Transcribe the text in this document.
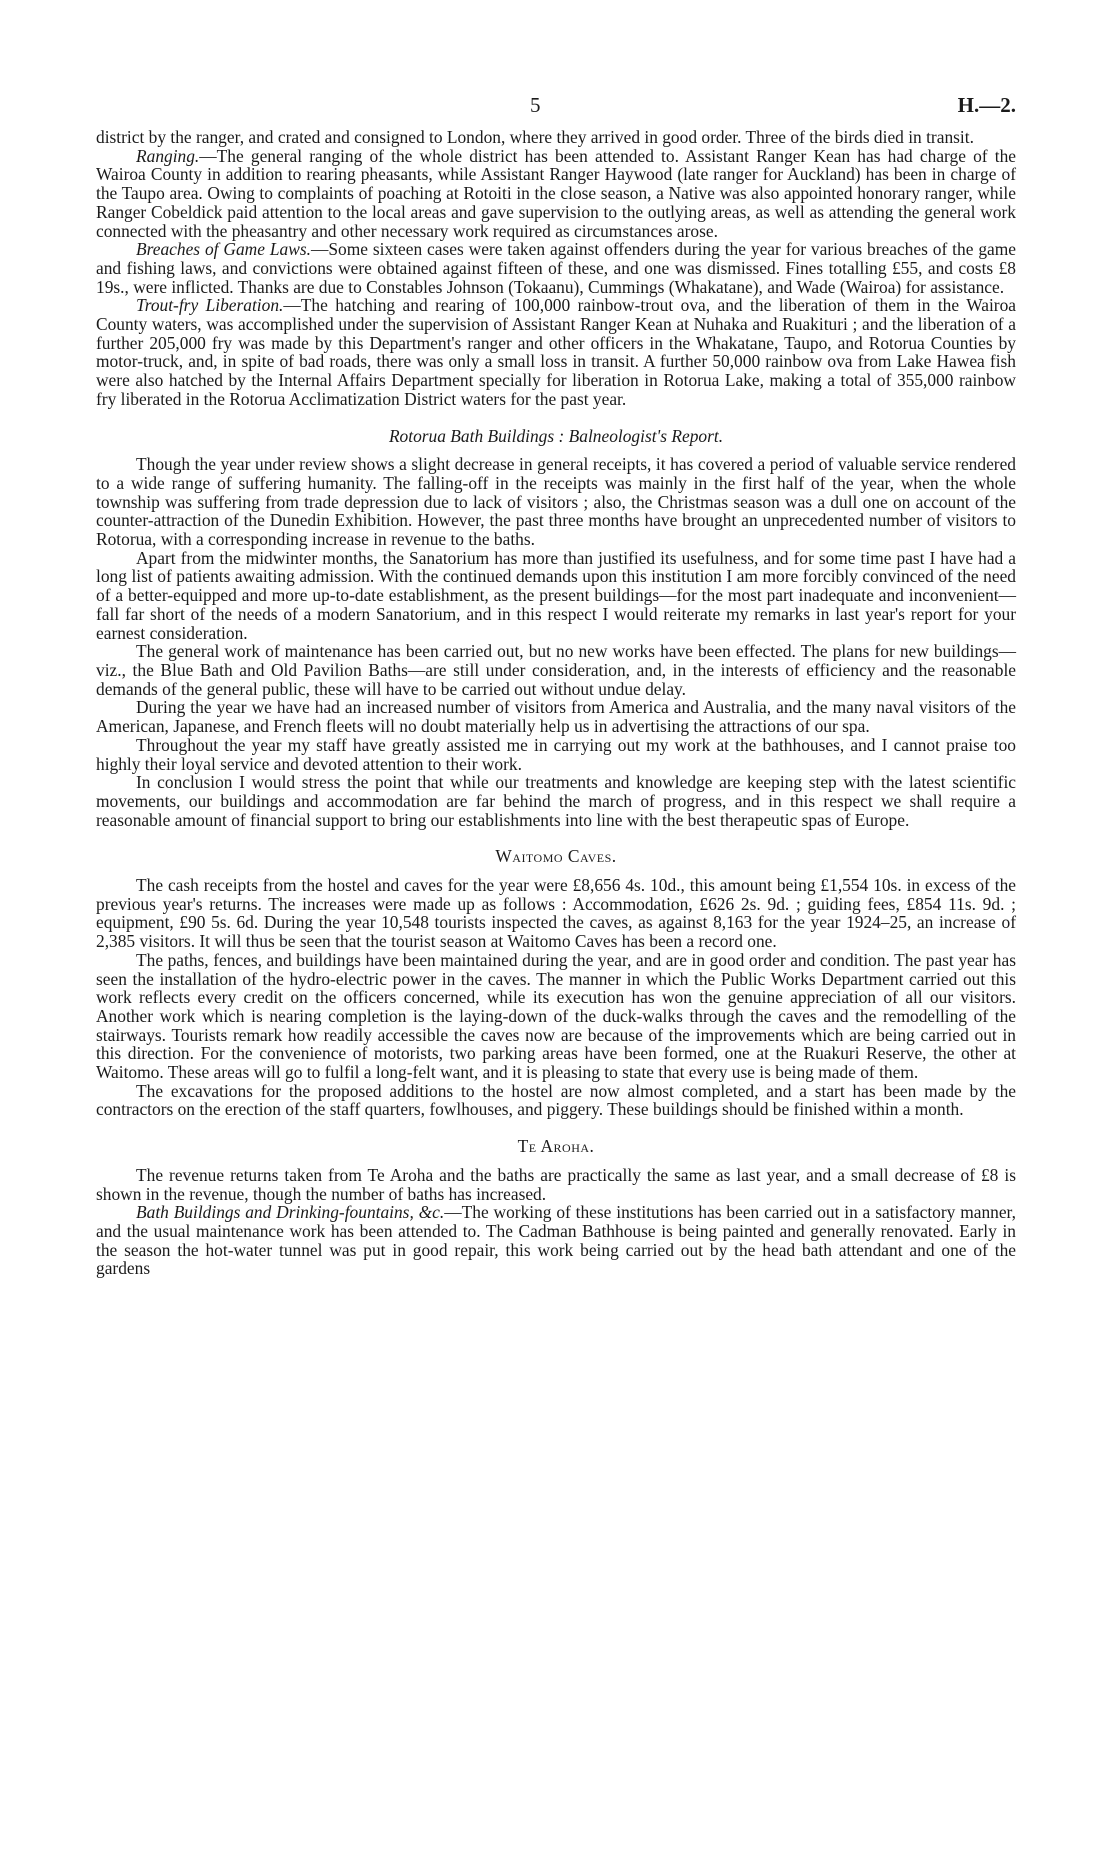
5	H.—2.

district by the ranger, and crated and consigned to London, where they arrived in good order. Three of the birds died in transit.

Ranging.—The general ranging of the whole district has been attended to. Assistant Ranger Kean has had charge of the Wairoa County in addition to rearing pheasants, while Assistant Ranger Haywood (late ranger for Auckland) has been in charge of the Taupo area. Owing to complaints of poaching at Rotoiti in the close season, a Native was also appointed honorary ranger, while Ranger Cobeldick paid attention to the local areas and gave supervision to the outlying areas, as well as attending the general work connected with the pheasantry and other necessary work required as circumstances arose.

Breaches of Game Laws.—Some sixteen cases were taken against offenders during the year for various breaches of the game and fishing laws, and convictions were obtained against fifteen of these, and one was dismissed. Fines totalling £55, and costs £8 19s., were inflicted. Thanks are due to Constables Johnson (Tokaanu), Cummings (Whakatane), and Wade (Wairoa) for assistance.

Trout-fry Liberation.—The hatching and rearing of 100,000 rainbow-trout ova, and the liberation of them in the Wairoa County waters, was accomplished under the supervision of Assistant Ranger Kean at Nuhaka and Ruakituri ; and the liberation of a further 205,000 fry was made by this Department's ranger and other officers in the Whakatane, Taupo, and Rotorua Counties by motor-truck, and, in spite of bad roads, there was only a small loss in transit. A further 50,000 rainbow ova from Lake Hawea fish were also hatched by the Internal Affairs Department specially for liberation in Rotorua Lake, making a total of 355,000 rainbow fry liberated in the Rotorua Acclimatization District waters for the past year.

Rotorua Bath Buildings : Balneologist's Report.

Though the year under review shows a slight decrease in general receipts, it has covered a period of valuable service rendered to a wide range of suffering humanity. The falling-off in the receipts was mainly in the first half of the year, when the whole township was suffering from trade depression due to lack of visitors ; also, the Christmas season was a dull one on account of the counter-attraction of the Dunedin Exhibition. However, the past three months have brought an unprecedented number of visitors to Rotorua, with a corresponding increase in revenue to the baths.

Apart from the midwinter months, the Sanatorium has more than justified its usefulness, and for some time past I have had a long list of patients awaiting admission. With the continued demands upon this institution I am more forcibly convinced of the need of a better-equipped and more up-to-date establishment, as the present buildings—for the most part inadequate and inconvenient—fall far short of the needs of a modern Sanatorium, and in this respect I would reiterate my remarks in last year's report for your earnest consideration.

The general work of maintenance has been carried out, but no new works have been effected. The plans for new buildings—viz., the Blue Bath and Old Pavilion Baths—are still under consideration, and, in the interests of efficiency and the reasonable demands of the general public, these will have to be carried out without undue delay.

During the year we have had an increased number of visitors from America and Australia, and the many naval visitors of the American, Japanese, and French fleets will no doubt materially help us in advertising the attractions of our spa.

Throughout the year my staff have greatly assisted me in carrying out my work at the bathhouses, and I cannot praise too highly their loyal service and devoted attention to their work.

In conclusion I would stress the point that while our treatments and knowledge are keeping step with the latest scientific movements, our buildings and accommodation are far behind the march of progress, and in this respect we shall require a reasonable amount of financial support to bring our establishments into line with the best therapeutic spas of Europe.

Waitomo Caves.

The cash receipts from the hostel and caves for the year were £8,656 4s. 10d., this amount being £1,554 10s. in excess of the previous year's returns. The increases were made up as follows : Accommodation, £626 2s. 9d. ; guiding fees, £854 11s. 9d. ; equipment, £90 5s. 6d. During the year 10,548 tourists inspected the caves, as against 8,163 for the year 1924–25, an increase of 2,385 visitors. It will thus be seen that the tourist season at Waitomo Caves has been a record one.

The paths, fences, and buildings have been maintained during the year, and are in good order and condition. The past year has seen the installation of the hydro-electric power in the caves. The manner in which the Public Works Department carried out this work reflects every credit on the officers concerned, while its execution has won the genuine appreciation of all our visitors. Another work which is nearing completion is the laying-down of the duck-walks through the caves and the remodelling of the stairways. Tourists remark how readily accessible the caves now are because of the improvements which are being carried out in this direction. For the convenience of motorists, two parking areas have been formed, one at the Ruakuri Reserve, the other at Waitomo. These areas will go to fulfil a long-felt want, and it is pleasing to state that every use is being made of them.

The excavations for the proposed additions to the hostel are now almost completed, and a start has been made by the contractors on the erection of the staff quarters, fowlhouses, and piggery. These buildings should be finished within a month.

Te Aroha.

The revenue returns taken from Te Aroha and the baths are practically the same as last year, and a small decrease of £8 is shown in the revenue, though the number of baths has increased.

Bath Buildings and Drinking-fountains, &c.—The working of these institutions has been carried out in a satisfactory manner, and the usual maintenance work has been attended to. The Cadman Bathhouse is being painted and generally renovated. Early in the season the hot-water tunnel was put in good repair, this work being carried out by the head bath attendant and one of the gardens
